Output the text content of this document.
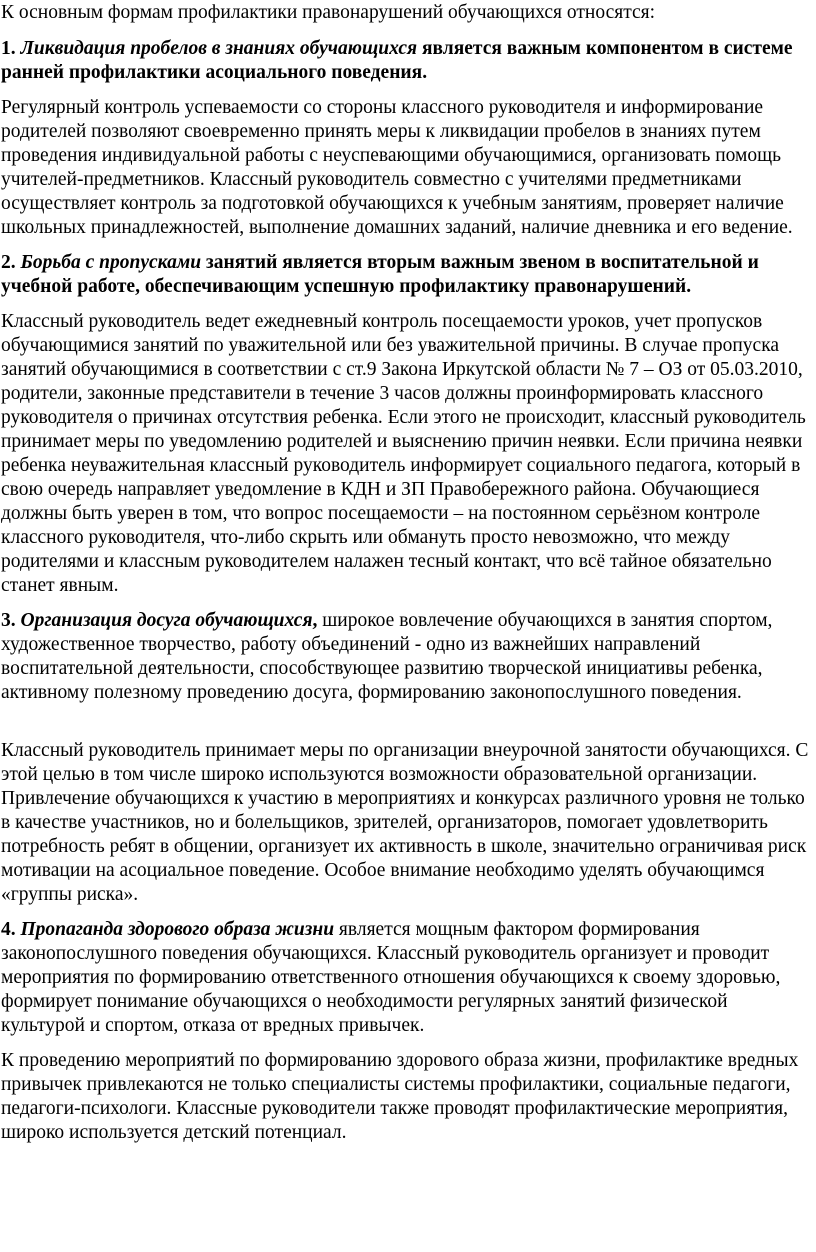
К основным формам профилактики правонарушений обучающихся относятся:

1. Ликвидация пробелов в знаниях обучающихся является важным компонентом в системе ранней профилактики асоциального поведения.

Регулярный контроль успеваемости со стороны классного руководителя и информирование родителей позволяют своевременно принять меры к ликвидации пробелов в знаниях путем проведения индивидуальной работы с неуспевающими обучающимися, организовать помощь учителей-предметников. Классный руководитель совместно с учителями предметниками осуществляет контроль за подготовкой обучающихся к учебным занятиям, проверяет наличие школьных принадлежностей, выполнение домашних заданий, наличие дневника и его ведение.

2. Борьба с пропусками занятий является вторым важным звеном в воспитательной и учебной работе, обеспечивающим успешную профилактику правонарушений.

Классный руководитель ведет ежедневный контроль посещаемости уроков, учет пропусков обучающимися занятий по уважительной или без уважительной причины. В случае пропуска занятий обучающимися в соответствии с ст.9 Закона Иркутской области № 7 – ОЗ от 05.03.2010, родители, законные представители в течение 3 часов должны проинформировать классного руководителя о причинах отсутствия ребенка. Если этого не происходит, классный руководитель принимает меры по уведомлению родителей и выяснению причин неявки. Если причина неявки ребенка неуважительная классный руководитель информирует социального педагога, который в свою очередь направляет уведомление в КДН и ЗП Правобережного района. Обучающиеся должны быть уверен в том, что вопрос посещаемости – на постоянном серьёзном контроле классного руководителя, что-либо скрыть или обмануть просто невозможно, что между родителями и классным руководителем налажен тесный контакт, что всё тайное обязательно станет явным.

3. Организация досуга обучающихся, широкое вовлечение обучающихся в занятия спортом, художественное творчество, работу объединений - одно из важнейших направлений воспитательной деятельности, способствующее развитию творческой инициативы ребенка, активному полезному проведению досуга, формированию законопослушного поведения.

Классный руководитель принимает меры по организации внеурочной занятости обучающихся. С этой целью в том числе широко используются возможности образовательной организации. Привлечение обучающихся к участию в мероприятиях и конкурсах различного уровня не только в качестве участников, но и болельщиков, зрителей, организаторов, помогает удовлетворить потребность ребят в общении, организует их активность в школе, значительно ограничивая риск мотивации на асоциальное поведение. Особое внимание необходимо уделять обучающимся «группы риска».

4. Пропаганда здорового образа жизни является мощным фактором формирования законопослушного поведения обучающихся. Классный руководитель организует и проводит мероприятия по формированию ответственного отношения обучающихся к своему здоровью, формирует понимание обучающихся о необходимости регулярных занятий физической культурой и спортом, отказа от вредных привычек.

К проведению мероприятий по формированию здорового образа жизни, профилактике вредных привычек привлекаются не только специалисты системы профилактики, социальные педагоги, педагоги-психологи. Классные руководители также проводят профилактические мероприятия, широко используется детский потенциал.
